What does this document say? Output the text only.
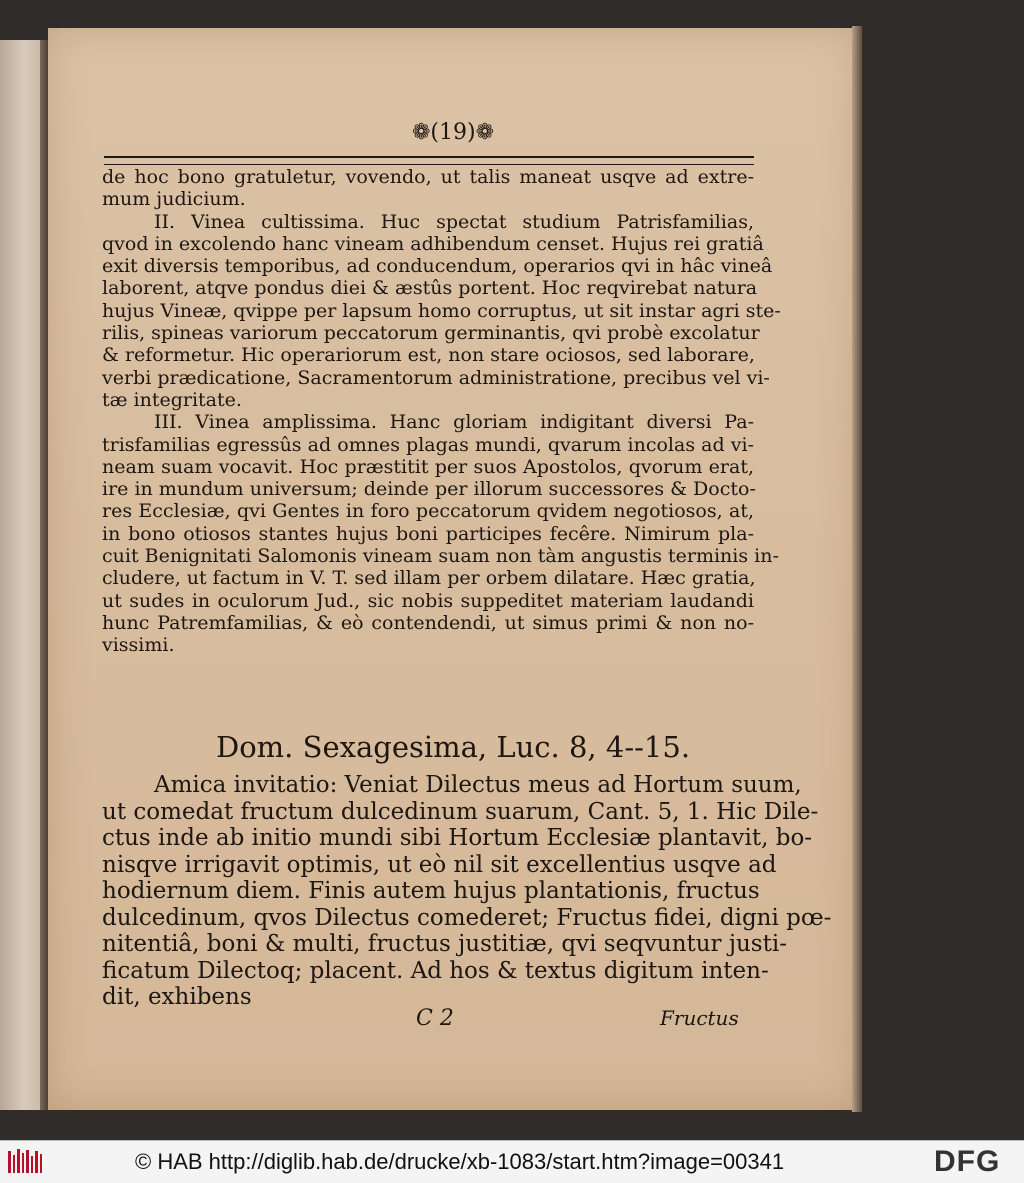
❁(19)❁
de hoc bono gratuletur, vovendo, ut talis maneat usqve ad extre-
mum judicium.
II. Vinea cultissima. Huc spectat studium Patrisfamilias,
qvod in excolendo hanc vineam adhibendum censet. Hujus rei gratiâ
exit diversis temporibus, ad conducendum, operarios qvi in hâc vineâ
laborent, atqve pondus diei & æstûs portent. Hoc reqvirebat natura
hujus Vineæ, qvippe per lapsum homo corruptus, ut sit instar agri ste-
rilis, spineas variorum peccatorum germinantis, qvi probè excolatur
& reformetur. Hic operariorum est, non stare ociosos, sed laborare,
verbi prædicatione, Sacramentorum administratione, precibus vel vi-
tæ integritate.
III. Vinea amplissima. Hanc gloriam indigitant diversi Pa-
trisfamilias egressûs ad omnes plagas mundi, qvarum incolas ad vi-
neam suam vocavit. Hoc præstitit per suos Apostolos, qvorum erat,
ire in mundum universum; deinde per illorum successores & Docto-
res Ecclesiæ, qvi Gentes in foro peccatorum qvidem negotiosos, at,
in bono otiosos stantes hujus boni participes fecêre. Nimirum pla-
cuit Benignitati Salomonis vineam suam non tàm angustis terminis in-
cludere, ut factum in V. T. sed illam per orbem dilatare. Hæc gratia,
ut sudes in oculorum Jud., sic nobis suppeditet materiam laudandi
hunc Patremfamilias, & eò contendendi, ut simus primi & non no-
vissimi.
Dom. Sexagesima, Luc. 8, 4--15.
Amica invitatio: Veniat Dilectus meus ad Hortum suum,
ut comedat fructum dulcedinum suarum, Cant. 5, 1. Hic Dile-
ctus inde ab initio mundi sibi Hortum Ecclesiæ plantavit, bo-
nisqve irrigavit optimis, ut eò nil sit excellentius usqve ad
hodiernum diem. Finis autem hujus plantationis, fructus
dulcedinum, qvos Dilectus comederet; Fructus fidei, digni pœ-
nitentiâ, boni & multi, fructus justitiæ, qvi seqvuntur justi-
ficatum Dilectoq; placent. Ad hos & textus digitum inten-
dit, exhibens
C 2	Fructus
© HAB http://diglib.hab.de/drucke/xb-1083/start.htm?image=00341	DFG
